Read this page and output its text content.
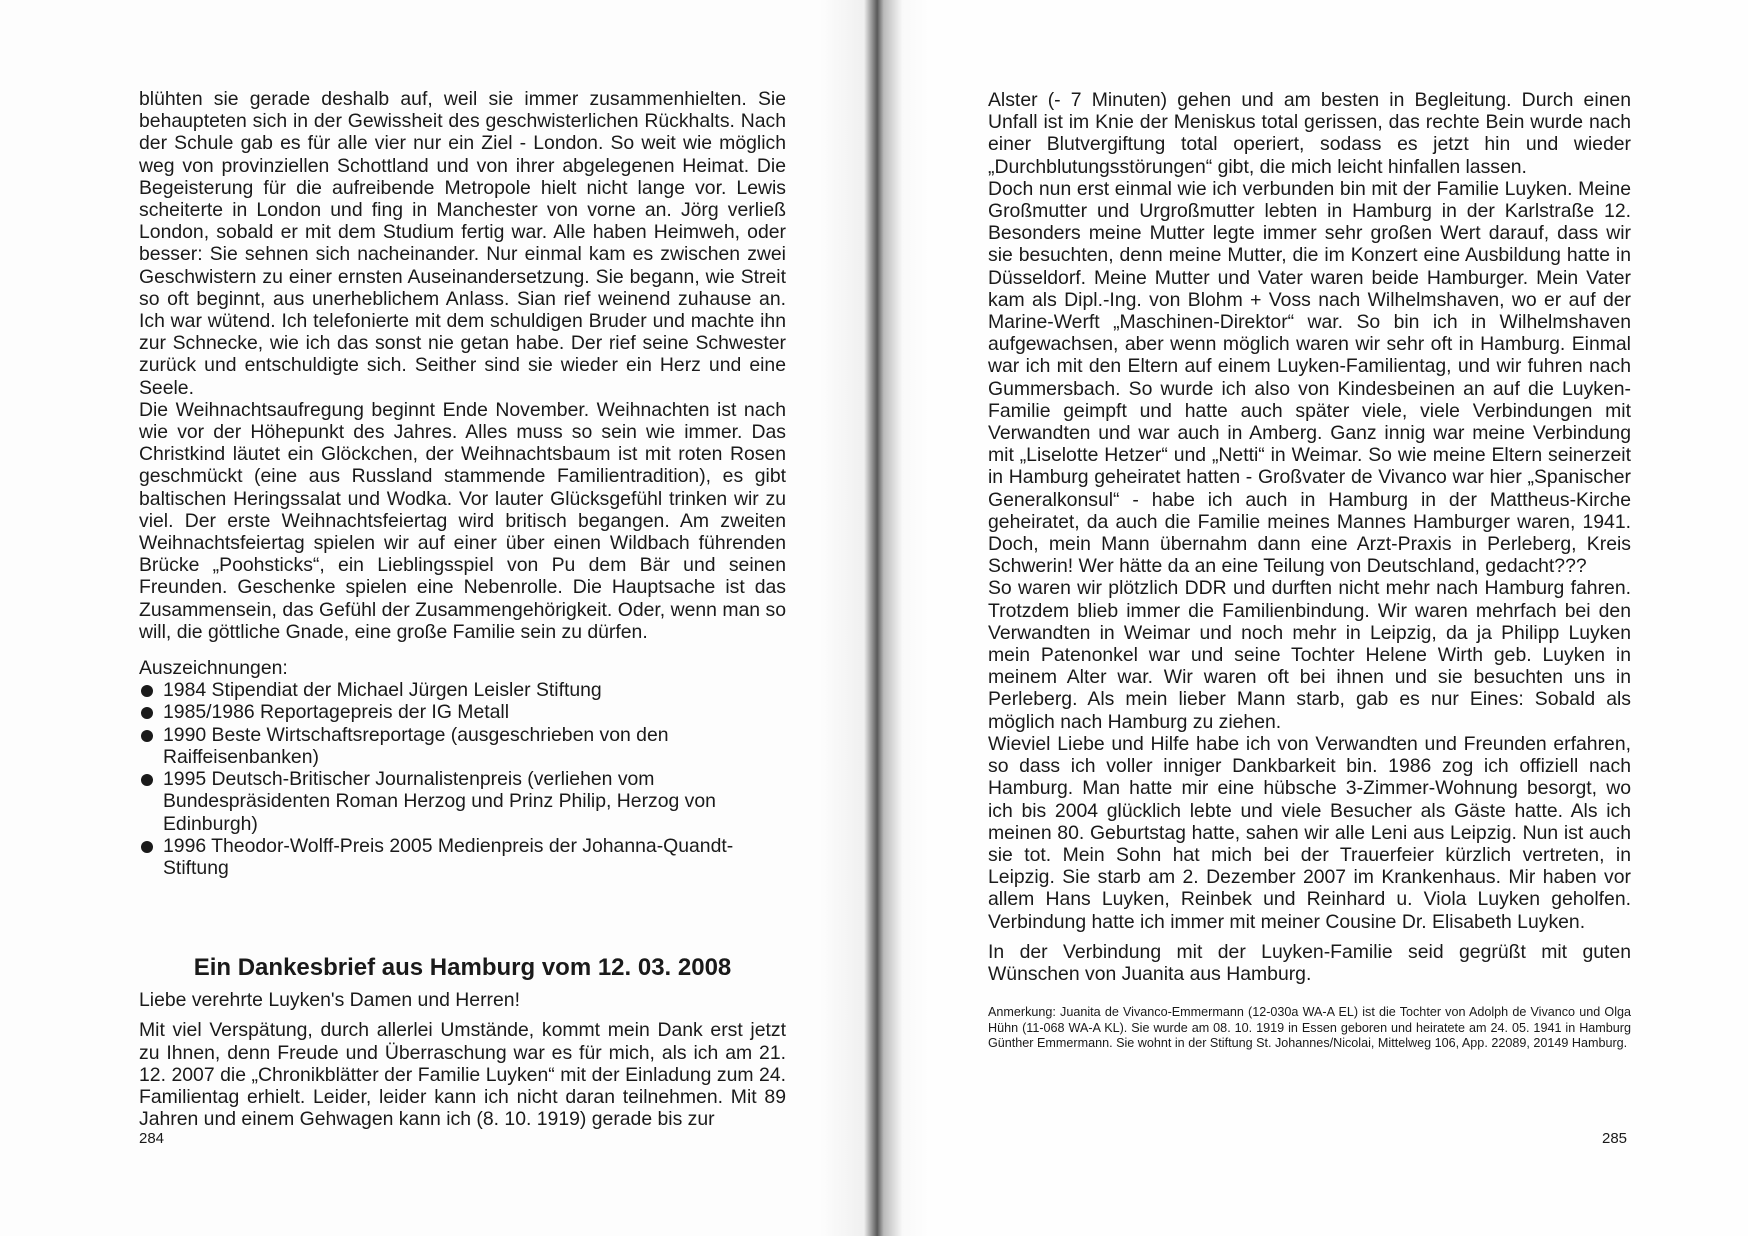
blühten sie gerade deshalb auf, weil sie immer zusammenhielten. Sie behaupteten sich in der Gewissheit des geschwisterlichen Rückhalts. Nach der Schule gab es für alle vier nur ein Ziel - London. So weit wie möglich weg von provinziellen Schottland und von ihrer abgelegenen Heimat. Die Begeisterung für die aufreibende Metropole hielt nicht lange vor. Lewis scheiterte in London und fing in Manchester von vorne an. Jörg verließ London, sobald er mit dem Studium fertig war. Alle haben Heimweh, oder besser: Sie sehnen sich nacheinander. Nur einmal kam es zwischen zwei Geschwistern zu einer ernsten Auseinandersetzung. Sie begann, wie Streit so oft beginnt, aus unerheblichem Anlass. Sian rief weinend zuhause an. Ich war wütend. Ich telefonierte mit dem schuldigen Bruder und machte ihn zur Schnecke, wie ich das sonst nie getan habe. Der rief seine Schwester zurück und entschuldigte sich. Seither sind sie wieder ein Herz und eine Seele.

Die Weihnachtsaufregung beginnt Ende November. Weihnachten ist nach wie vor der Höhepunkt des Jahres. Alles muss so sein wie immer. Das Christkind läutet ein Glöckchen, der Weihnachtsbaum ist mit roten Rosen geschmückt (eine aus Russland stammende Familientradition), es gibt baltischen Heringssalat und Wodka. Vor lauter Glücksgefühl trinken wir zu viel. Der erste Weihnachtsfeiertag wird britisch begangen. Am zweiten Weihnachtsfeiertag spielen wir auf einer über einen Wildbach führenden Brücke „Poohsticks“, ein Lieblingsspiel von Pu dem Bär und seinen Freunden. Geschenke spielen eine Nebenrolle. Die Hauptsache ist das Zusammensein, das Gefühl der Zusammengehörigkeit. Oder, wenn man so will, die göttliche Gnade, eine große Familie sein zu dürfen.

Auszeichnungen:

1984 Stipendiat der Michael Jürgen Leisler Stiftung
1985/1986 Reportagepreis der IG Metall
1990 Beste Wirtschaftsreportage (ausgeschrieben von den Raiffeisenbanken)
1995 Deutsch-Britischer Journalistenpreis (verliehen vom Bundespräsidenten Roman Herzog und Prinz Philip, Herzog von Edinburgh)
1996 Theodor-Wolff-Preis 2005 Medienpreis der Johanna-Quandt-Stiftung
Ein Dankesbrief aus Hamburg vom 12. 03. 2008

Liebe verehrte Luyken's Damen und Herren!

Mit viel Verspätung, durch allerlei Umstände, kommt mein Dank erst jetzt zu Ihnen, denn Freude und Überraschung war es für mich, als ich am 21. 12. 2007 die „Chronikblätter der Familie Luyken“ mit der Einladung zum 24. Familientag erhielt. Leider, leider kann ich nicht daran teilnehmen. Mit 89 Jahren und einem Gehwagen kann ich (8. 10. 1919) gerade bis zur

284

Alster (- 7 Minuten) gehen und am besten in Begleitung. Durch einen Unfall ist im Knie der Meniskus total gerissen, das rechte Bein wurde nach einer Blutvergiftung total operiert, sodass es jetzt hin und wieder „Durchblutungsstörungen“ gibt, die mich leicht hinfallen lassen.

Doch nun erst einmal wie ich verbunden bin mit der Familie Luyken. Meine Großmutter und Urgroßmutter lebten in Hamburg in der Karlstraße 12. Besonders meine Mutter legte immer sehr großen Wert darauf, dass wir sie besuchten, denn meine Mutter, die im Konzert eine Ausbildung hatte in Düsseldorf. Meine Mutter und Vater waren beide Hamburger. Mein Vater kam als Dipl.-Ing. von Blohm + Voss nach Wilhelmshaven, wo er auf der Marine-Werft „Maschinen-Direktor“ war. So bin ich in Wilhelmshaven aufgewachsen, aber wenn möglich waren wir sehr oft in Hamburg. Einmal war ich mit den Eltern auf einem Luyken-Familientag, und wir fuhren nach Gummersbach. So wurde ich also von Kindesbeinen an auf die Luyken-Familie geimpft und hatte auch später viele, viele Verbindungen mit Verwandten und war auch in Amberg. Ganz innig war meine Verbindung mit „Liselotte Hetzer“ und „Netti“ in Weimar. So wie meine Eltern seinerzeit in Hamburg geheiratet hatten - Großvater de Vivanco war hier „Spanischer Generalkonsul“ - habe ich auch in Hamburg in der Mattheus-Kirche geheiratet, da auch die Familie meines Mannes Hamburger waren, 1941. Doch, mein Mann übernahm dann eine Arzt-Praxis in Perleberg, Kreis Schwerin! Wer hätte da an eine Teilung von Deutschland, gedacht???

So waren wir plötzlich DDR und durften nicht mehr nach Hamburg fahren. Trotzdem blieb immer die Familienbindung. Wir waren mehrfach bei den Verwandten in Weimar und noch mehr in Leipzig, da ja Philipp Luyken mein Patenonkel war und seine Tochter Helene Wirth geb. Luyken in meinem Alter war. Wir waren oft bei ihnen und sie besuchten uns in Perleberg. Als mein lieber Mann starb, gab es nur Eines: Sobald als möglich nach Hamburg zu ziehen.

Wieviel Liebe und Hilfe habe ich von Verwandten und Freunden erfahren, so dass ich voller inniger Dankbarkeit bin. 1986 zog ich offiziell nach Hamburg. Man hatte mir eine hübsche 3-Zimmer-Wohnung besorgt, wo ich bis 2004 glücklich lebte und viele Besucher als Gäste hatte. Als ich meinen 80. Geburtstag hatte, sahen wir alle Leni aus Leipzig. Nun ist auch sie tot. Mein Sohn hat mich bei der Trauerfeier kürzlich vertreten, in Leipzig. Sie starb am 2. Dezember 2007 im Krankenhaus. Mir haben vor allem Hans Luyken, Reinbek und Reinhard u. Viola Luyken geholfen. Verbindung hatte ich immer mit meiner Cousine Dr. Elisabeth Luyken.

In der Verbindung mit der Luyken-Familie seid gegrüßt mit guten Wünschen von Juanita aus Hamburg.

Anmerkung: Juanita de Vivanco-Emmermann (12-030a WA-A EL) ist die Tochter von Adolph de Vivanco und Olga Hühn (11-068 WA-A KL). Sie wurde am 08. 10. 1919 in Essen geboren und heiratete am 24. 05. 1941 in Hamburg Günther Emmermann. Sie wohnt in der Stiftung St. Johannes/Nicolai, Mittelweg 106, App. 22089, 20149 Hamburg.

285
